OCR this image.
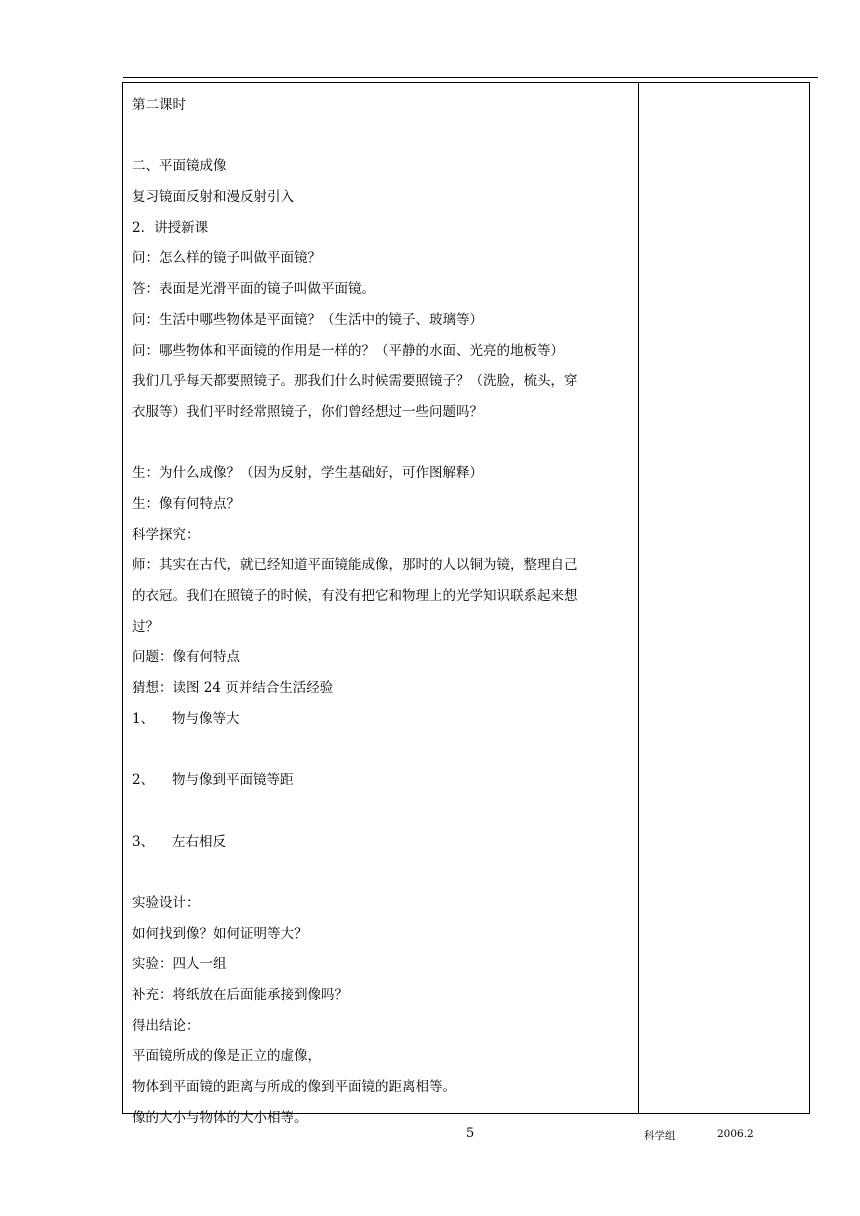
第二课时
二、平面镜成像
复习镜面反射和漫反射引入
2．讲授新课
问：怎么样的镜子叫做平面镜？
答：表面是光滑平面的镜子叫做平面镜。
问：生活中哪些物体是平面镜？（生活中的镜子、玻璃等）
问：哪些物体和平面镜的作用是一样的？（平静的水面、光亮的地板等）
我们几乎每天都要照镜子。那我们什么时候需要照镜子？（洗脸，梳头，穿
衣服等）我们平时经常照镜子，你们曾经想过一些问题吗？
生：为什么成像？（因为反射，学生基础好，可作图解释）
生：像有何特点？
科学探究：
师：其实在古代，就已经知道平面镜能成像，那时的人以铜为镜，整理自己
的衣冠。我们在照镜子的时候，有没有把它和物理上的光学知识联系起来想
过？
问题：像有何特点
猜想：读图 24 页并结合生活经验
1、 物与像等大
2、 物与像到平面镜等距
3、 左右相反
实验设计：
如何找到像？如何证明等大？
实验：四人一组
补充：将纸放在后面能承接到像吗？
得出结论：
平面镜所成的像是正立的虚像，
物体到平面镜的距离与所成的像到平面镜的距离相等。
像的大小与物体的大小相等。
5	科学组	2006.2
